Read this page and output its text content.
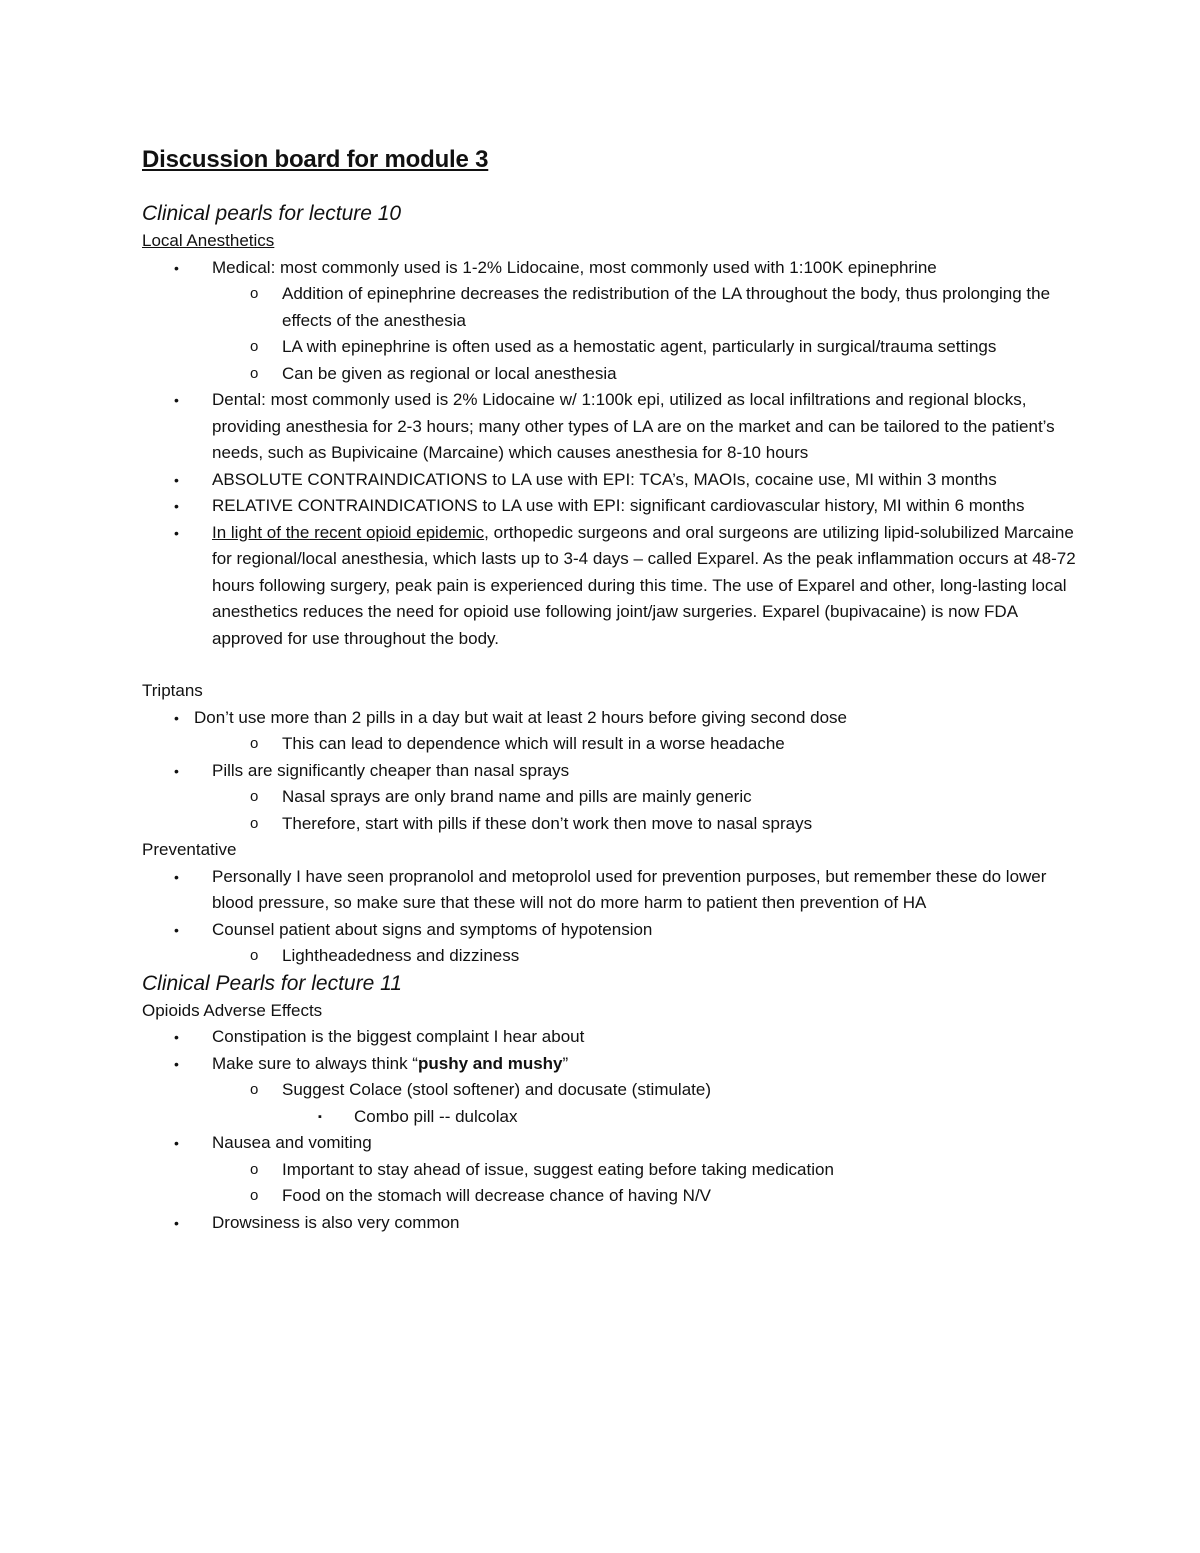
Discussion board for module 3
Clinical pearls for lecture 10
Local Anesthetics
• Medical: most commonly used is 1-2% Lidocaine, most commonly used with 1:100K epinephrine
o Addition of epinephrine decreases the redistribution of the LA throughout the body, thus prolonging the effects of the anesthesia
o LA with epinephrine is often used as a hemostatic agent, particularly in surgical/trauma settings
o Can be given as regional or local anesthesia
• Dental: most commonly used is 2% Lidocaine w/ 1:100k epi, utilized as local infiltrations and regional blocks, providing anesthesia for 2-3 hours; many other types of LA are on the market and can be tailored to the patient’s needs, such as Bupivicaine (Marcaine) which causes anesthesia for 8-10 hours
• ABSOLUTE CONTRAINDICATIONS to LA use with EPI: TCA’s, MAOIs, cocaine use, MI within 3 months
• RELATIVE CONTRAINDICATIONS to LA use with EPI: significant cardiovascular history, MI within 6 months
• In light of the recent opioid epidemic, orthopedic surgeons and oral surgeons are utilizing lipid-solubilized Marcaine for regional/local anesthesia, which lasts up to 3-4 days – called Exparel. As the peak inflammation occurs at 48-72 hours following surgery, peak pain is experienced during this time. The use of Exparel and other, long-lasting local anesthetics reduces the need for opioid use following joint/jaw surgeries. Exparel (bupivacaine) is now FDA approved for use throughout the body.
Triptans
• Don’t use more than 2 pills in a day but wait at least 2 hours before giving second dose
o This can lead to dependence which will result in a worse headache
• Pills are significantly cheaper than nasal sprays
o Nasal sprays are only brand name and pills are mainly generic
o Therefore, start with pills if these don’t work then move to nasal sprays
Preventative
• Personally I have seen propranolol and metoprolol used for prevention purposes, but remember these do lower blood pressure, so make sure that these will not do more harm to patient then prevention of HA
• Counsel patient about signs and symptoms of hypotension
o Lightheadedness and dizziness
Clinical Pearls for lecture 11
Opioids Adverse Effects
• Constipation is the biggest complaint I hear about
• Make sure to always think “pushy and mushy”
o Suggest Colace (stool softener) and docusate (stimulate)
▪ Combo pill -- dulcolax
• Nausea and vomiting
o Important to stay ahead of issue, suggest eating before taking medication
o Food on the stomach will decrease chance of having N/V
• Drowsiness is also very common
